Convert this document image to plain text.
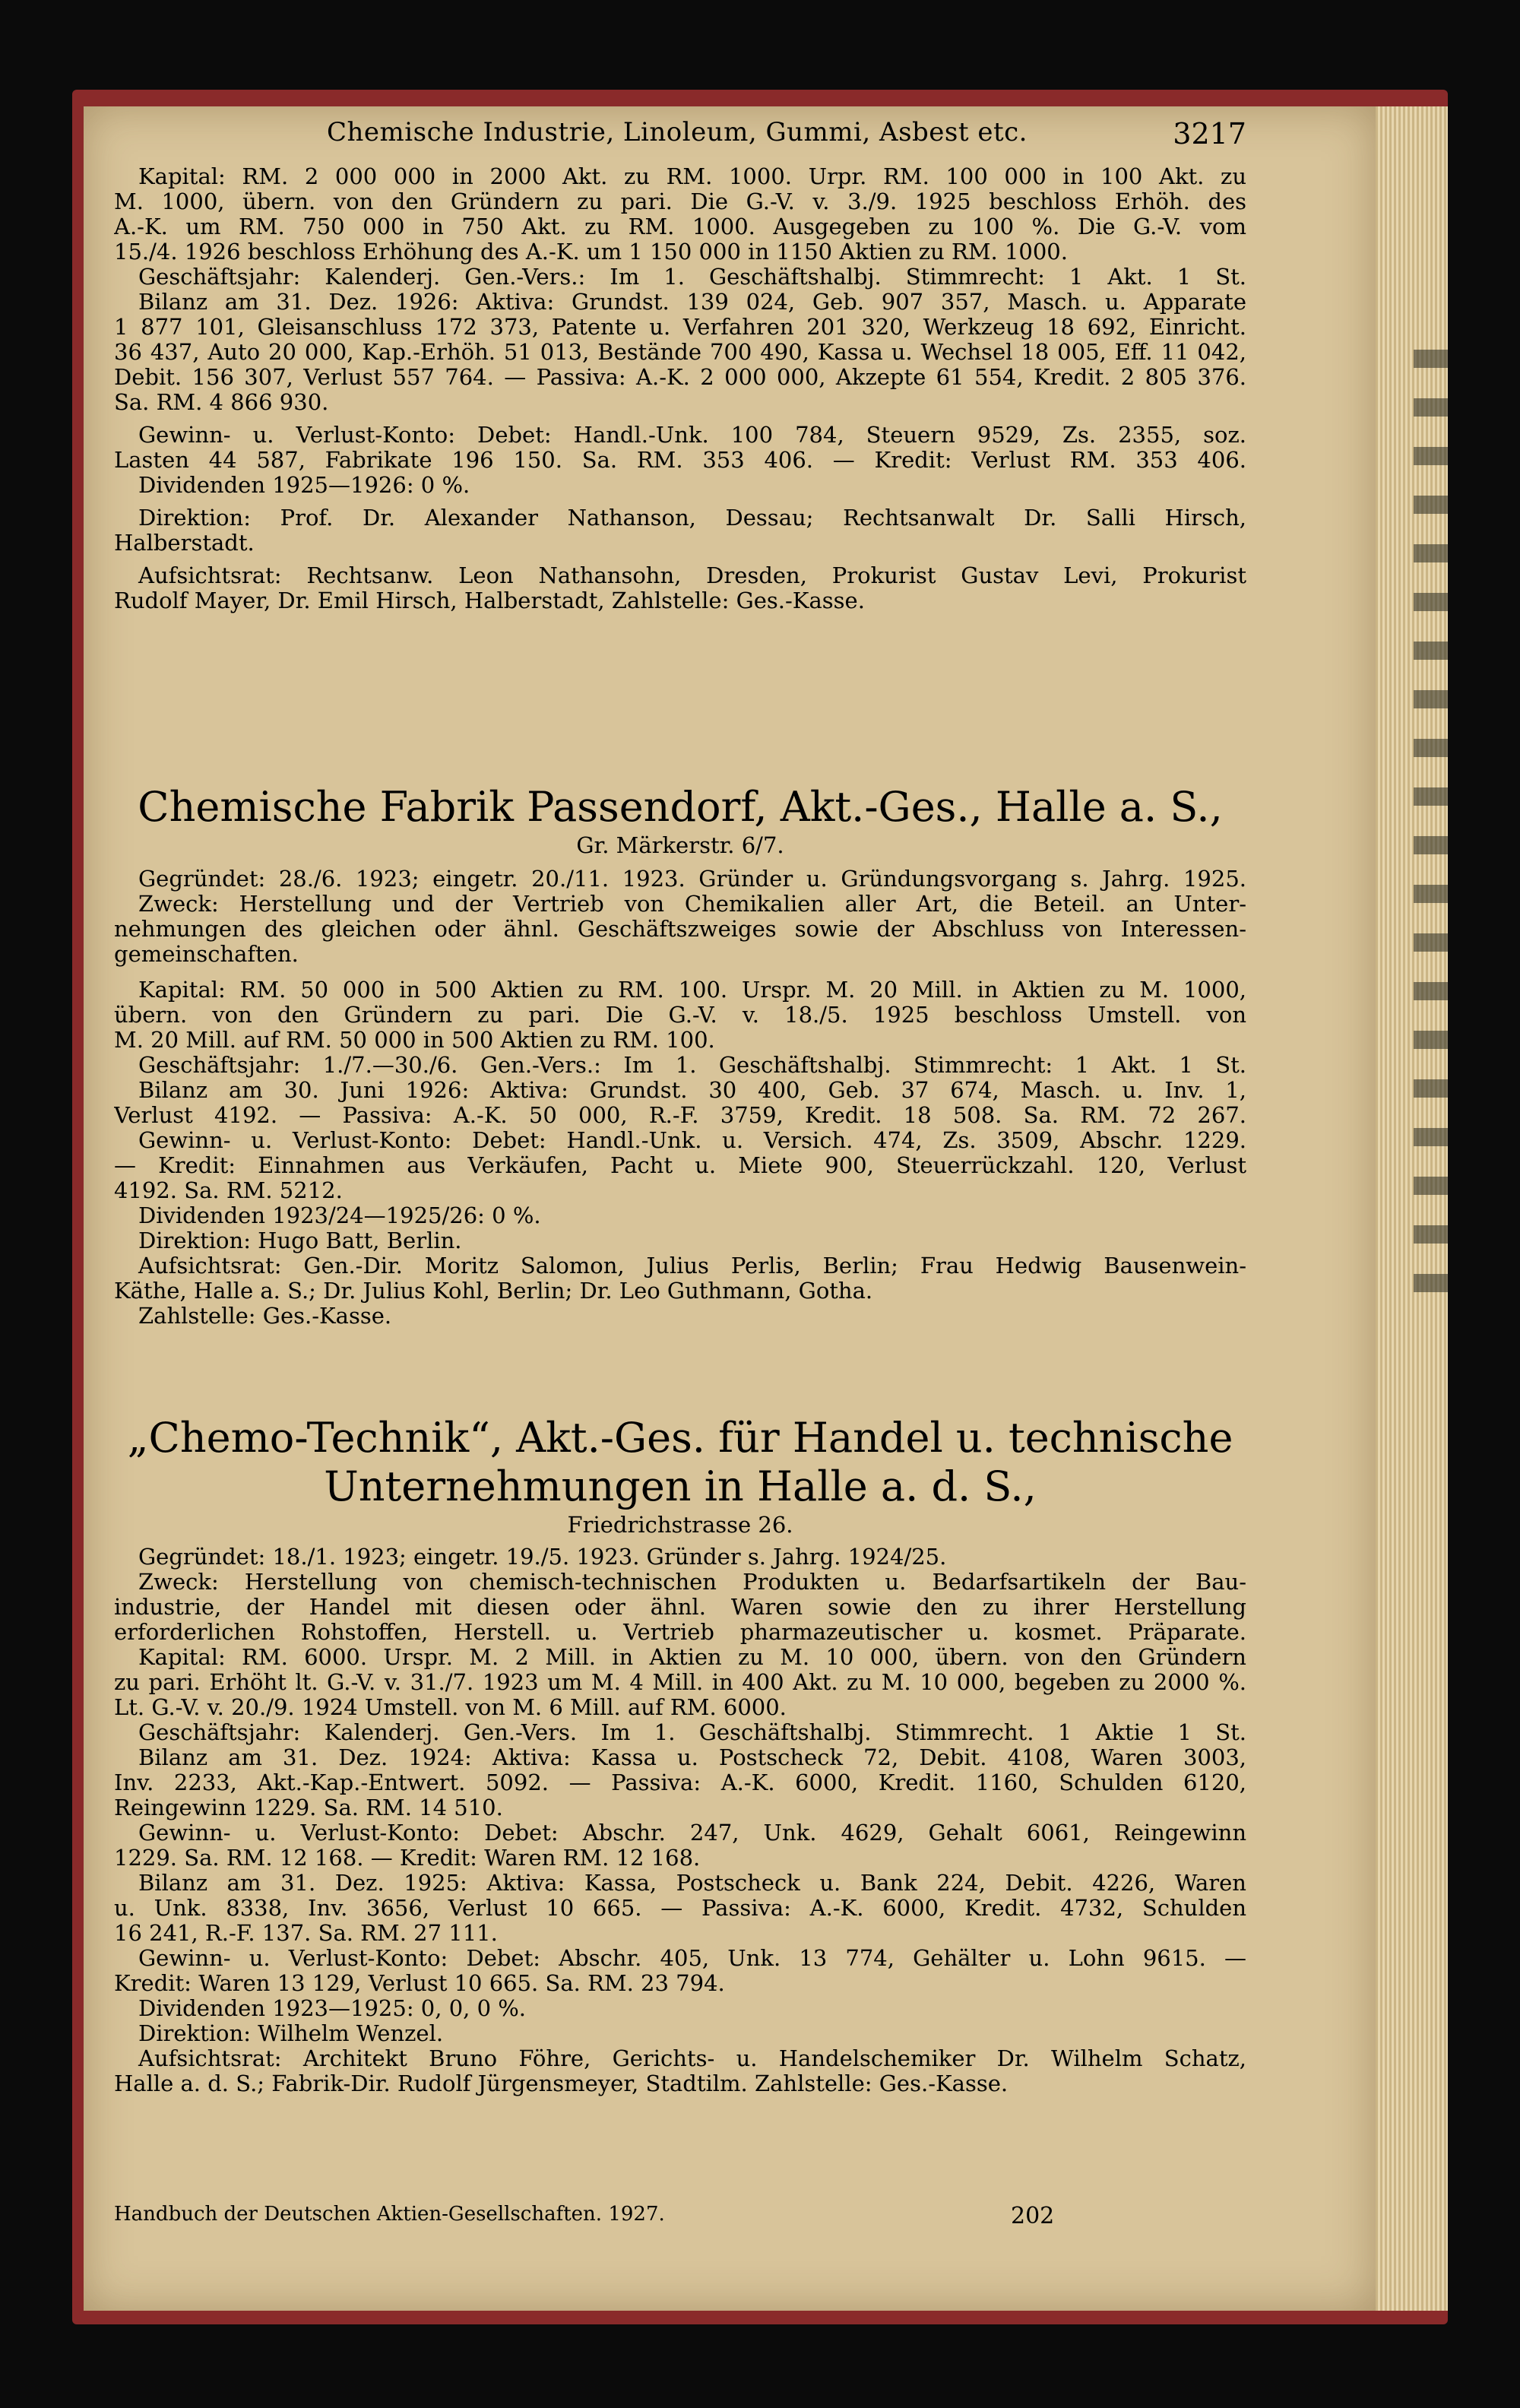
Chemische Industrie, Linoleum, Gummi, Asbest etc.	3217
Kapital: RM. 2 000 000 in 2000 Akt. zu RM. 1000. Urpr. RM. 100 000 in 100 Akt. zu
M. 1000, übern. von den Gründern zu pari. Die G.-V. v. 3./9. 1925 beschloss Erhöh. des
A.-K. um RM. 750 000 in 750 Akt. zu RM. 1000. Ausgegeben zu 100 %. Die G.-V. vom
15./4. 1926 beschloss Erhöhung des A.-K. um 1 150 000 in 1150 Aktien zu RM. 1000.
Geschäftsjahr: Kalenderj. Gen.-Vers.: Im 1. Geschäftshalbj. Stimmrecht: 1 Akt. 1 St.
Bilanz am 31. Dez. 1926: Aktiva: Grundst. 139 024, Geb. 907 357, Masch. u. Apparate
1 877 101, Gleisanschluss 172 373, Patente u. Verfahren 201 320, Werkzeug 18 692, Einricht.
36 437, Auto 20 000, Kap.-Erhöh. 51 013, Bestände 700 490, Kassa u. Wechsel 18 005, Eff. 11 042,
Debit. 156 307, Verlust 557 764. — Passiva: A.-K. 2 000 000, Akzepte 61 554, Kredit. 2 805 376.
Sa. RM. 4 866 930.
Gewinn- u. Verlust-Konto: Debet: Handl.-Unk. 100 784, Steuern 9529, Zs. 2355, soz.
Lasten 44 587, Fabrikate 196 150. Sa. RM. 353 406. — Kredit: Verlust RM. 353 406.
Dividenden 1925—1926: 0 %.
Direktion: Prof. Dr. Alexander Nathanson, Dessau; Rechtsanwalt Dr. Salli Hirsch,
Halberstadt.
Aufsichtsrat: Rechtsanw. Leon Nathansohn, Dresden, Prokurist Gustav Levi, Prokurist
Rudolf Mayer, Dr. Emil Hirsch, Halberstadt, Zahlstelle: Ges.-Kasse.
Chemische Fabrik Passendorf, Akt.-Ges., Halle a. S.,
Gr. Märkerstr. 6/7.
Gegründet: 28./6. 1923; eingetr. 20./11. 1923. Gründer u. Gründungsvorgang s. Jahrg. 1925.
Zweck: Herstellung und der Vertrieb von Chemikalien aller Art, die Beteil. an Unter-
nehmungen des gleichen oder ähnl. Geschäftszweiges sowie der Abschluss von Interessen-
gemeinschaften.
Kapital: RM. 50 000 in 500 Aktien zu RM. 100. Urspr. M. 20 Mill. in Aktien zu M. 1000,
übern. von den Gründern zu pari. Die G.-V. v. 18./5. 1925 beschloss Umstell. von
M. 20 Mill. auf RM. 50 000 in 500 Aktien zu RM. 100.
Geschäftsjahr: 1./7.—30./6. Gen.-Vers.: Im 1. Geschäftshalbj. Stimmrecht: 1 Akt. 1 St.
Bilanz am 30. Juni 1926: Aktiva: Grundst. 30 400, Geb. 37 674, Masch. u. Inv. 1,
Verlust 4192. — Passiva: A.-K. 50 000, R.-F. 3759, Kredit. 18 508. Sa. RM. 72 267.
Gewinn- u. Verlust-Konto: Debet: Handl.-Unk. u. Versich. 474, Zs. 3509, Abschr. 1229.
— Kredit: Einnahmen aus Verkäufen, Pacht u. Miete 900, Steuerrückzahl. 120, Verlust
4192. Sa. RM. 5212.
Dividenden 1923/24—1925/26: 0 %.
Direktion: Hugo Batt, Berlin.
Aufsichtsrat: Gen.-Dir. Moritz Salomon, Julius Perlis, Berlin; Frau Hedwig Bausenwein-
Käthe, Halle a. S.; Dr. Julius Kohl, Berlin; Dr. Leo Guthmann, Gotha.
Zahlstelle: Ges.-Kasse.
„Chemo-Technik“, Akt.-Ges. für Handel u. technische
Unternehmungen in Halle a. d. S.,
Friedrichstrasse 26.
Gegründet: 18./1. 1923; eingetr. 19./5. 1923. Gründer s. Jahrg. 1924/25.
Zweck: Herstellung von chemisch-technischen Produkten u. Bedarfsartikeln der Bau-
industrie, der Handel mit diesen oder ähnl. Waren sowie den zu ihrer Herstellung
erforderlichen Rohstoffen, Herstell. u. Vertrieb pharmazeutischer u. kosmet. Präparate.
Kapital: RM. 6000. Urspr. M. 2 Mill. in Aktien zu M. 10 000, übern. von den Gründern
zu pari. Erhöht lt. G.-V. v. 31./7. 1923 um M. 4 Mill. in 400 Akt. zu M. 10 000, begeben zu 2000 %.
Lt. G.-V. v. 20./9. 1924 Umstell. von M. 6 Mill. auf RM. 6000.
Geschäftsjahr: Kalenderj. Gen.-Vers. Im 1. Geschäftshalbj. Stimmrecht. 1 Aktie 1 St.
Bilanz am 31. Dez. 1924: Aktiva: Kassa u. Postscheck 72, Debit. 4108, Waren 3003,
Inv. 2233, Akt.-Kap.-Entwert. 5092. — Passiva: A.-K. 6000, Kredit. 1160, Schulden 6120,
Reingewinn 1229. Sa. RM. 14 510.
Gewinn- u. Verlust-Konto: Debet: Abschr. 247, Unk. 4629, Gehalt 6061, Reingewinn
1229. Sa. RM. 12 168. — Kredit: Waren RM. 12 168.
Bilanz am 31. Dez. 1925: Aktiva: Kassa, Postscheck u. Bank 224, Debit. 4226, Waren
u. Unk. 8338, Inv. 3656, Verlust 10 665. — Passiva: A.-K. 6000, Kredit. 4732, Schulden
16 241, R.-F. 137. Sa. RM. 27 111.
Gewinn- u. Verlust-Konto: Debet: Abschr. 405, Unk. 13 774, Gehälter u. Lohn 9615. —
Kredit: Waren 13 129, Verlust 10 665. Sa. RM. 23 794.
Dividenden 1923—1925: 0, 0, 0 %.
Direktion: Wilhelm Wenzel.
Aufsichtsrat: Architekt Bruno Föhre, Gerichts- u. Handelschemiker Dr. Wilhelm Schatz,
Halle a. d. S.; Fabrik-Dir. Rudolf Jürgensmeyer, Stadtilm. Zahlstelle: Ges.-Kasse.
Handbuch der Deutschen Aktien-Gesellschaften. 1927.	202
